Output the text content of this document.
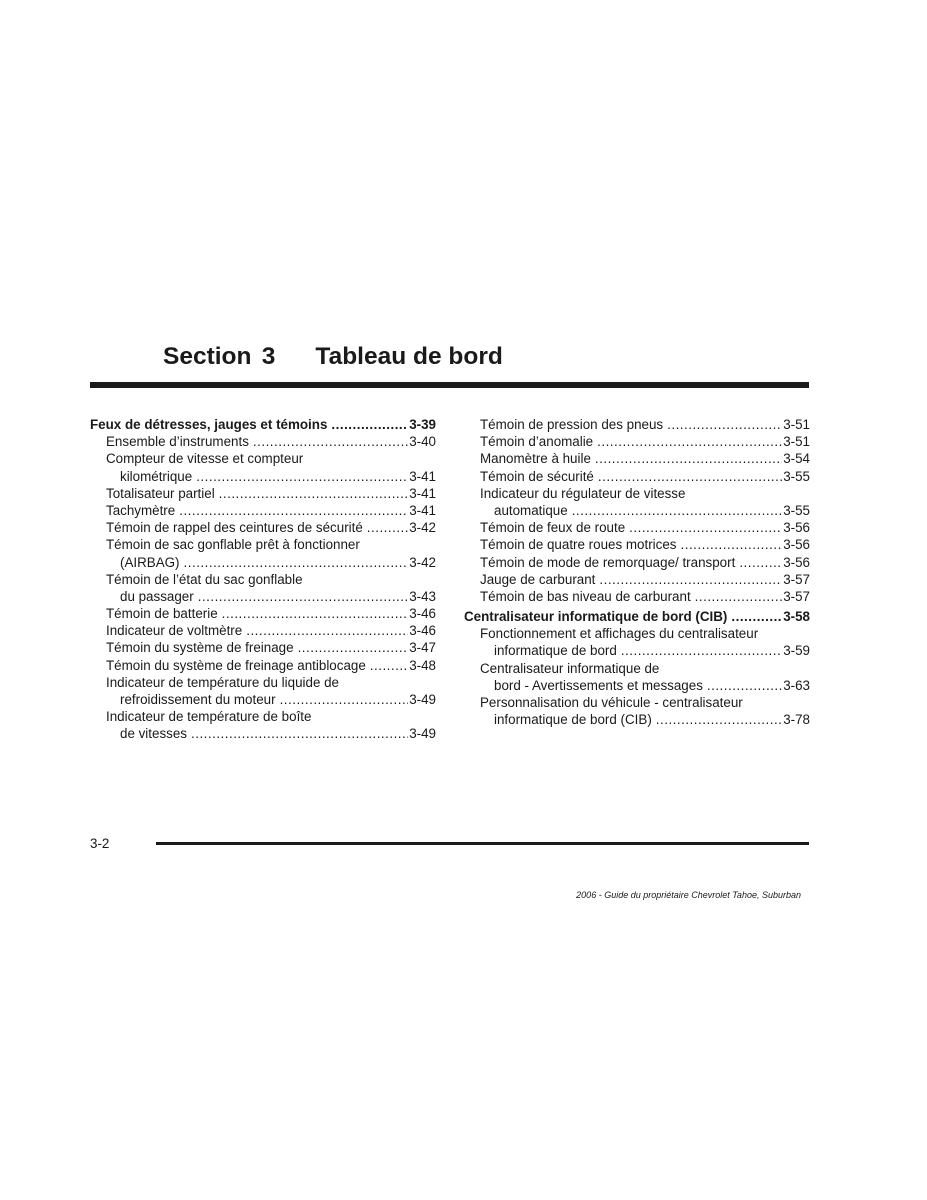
Section 3 Tableau de bord
Feux de détresses, jauges et témoins .....	3-39
Ensemble d’instruments .....	3-40
Compteur de vitesse et compteur
kilométrique .....	3-41
Totalisateur partiel .....	3-41
Tachymètre .....	3-41
Témoin de rappel des ceintures de sécurité .....	3-42
Témoin de sac gonflable prêt à fonctionner
(AIRBAG) .....	3-42
Témoin de l’état du sac gonflable
du passager .....	3-43
Témoin de batterie .....	3-46
Indicateur de voltmètre .....	3-46
Témoin du système de freinage .....	3-47
Témoin du système de freinage antiblocage .....	3-48
Indicateur de température du liquide de
refroidissement du moteur .....	3-49
Indicateur de température de boîte
de vitesses .....	3-49
Témoin de pression des pneus .....	3-51
Témoin d’anomalie .....	3-51
Manomètre à huile .....	3-54
Témoin de sécurité .....	3-55
Indicateur du régulateur de vitesse
automatique .....	3-55
Témoin de feux de route .....	3-56
Témoin de quatre roues motrices .....	3-56
Témoin de mode de remorquage/ transport .....	3-56
Jauge de carburant .....	3-57
Témoin de bas niveau de carburant .....	3-57
Centralisateur informatique de bord (CIB) .....	3-58
Fonctionnement et affichages du centralisateur
informatique de bord .....	3-59
Centralisateur informatique de
bord - Avertissements et messages .....	3-63
Personnalisation du véhicule - centralisateur
informatique de bord (CIB) .....	3-78
3-2
2006 - Guide du propriétaire Chevrolet Tahoe, Suburban
